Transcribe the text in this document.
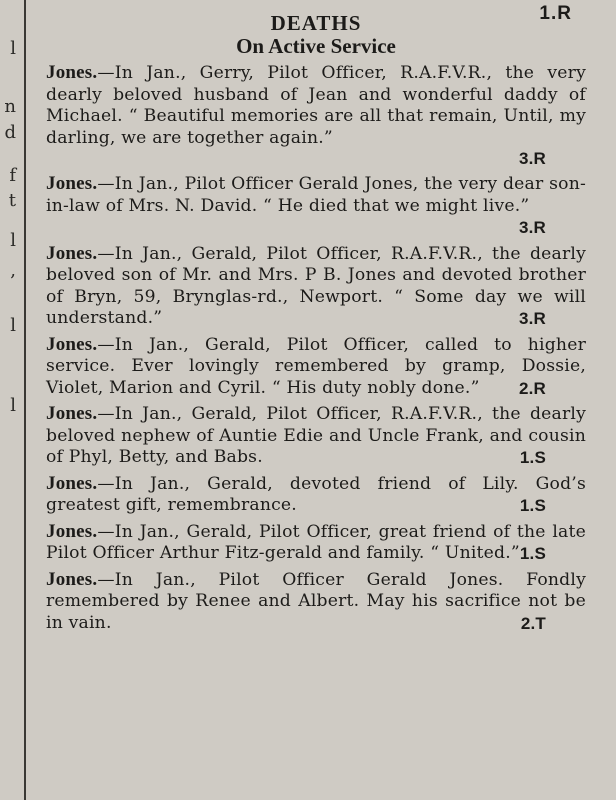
l
n
d
f
t
l
,
l
l
1.R
DEATHS
On Active Service
Jones.—In Jan., Gerry, Pilot Officer, R.A.F.V.R., the very dearly beloved husband of Jean and wonderful daddy of Michael. “ Beautiful memories are all that remain, Until, my darling, we are together again.”
3.R
Jones.—In Jan., Pilot Officer Gerald Jones, the very dear son-in-law of Mrs. N. David. “ He died that we might live.”
3.R
Jones.—In Jan., Gerald, Pilot Officer, R.A.F.V.R., the dearly beloved son of Mr. and Mrs. P B. Jones and devoted brother of Bryn, 59, Brynglas-rd., Newport. “ Some day we will understand.”	3.R
Jones.—In Jan., Gerald, Pilot Officer, called to higher service. Ever lovingly remembered by gramp, Dossie, Violet, Marion and Cyril. “ His duty nobly done.” 2.R
Jones.—In Jan., Gerald, Pilot Officer, R.A.F.V.R., the dearly beloved nephew of Auntie Edie and Uncle Frank, and cousin of Phyl, Betty, and Babs.	1.S
Jones.—In Jan., Gerald, devoted friend of Lily. God’s greatest gift, remembrance.	1.S
Jones.—In Jan., Gerald, Pilot Officer, great friend of the late Pilot Officer Arthur Fitz-gerald and family. “ United.” 1.S
Jones.—In Jan., Pilot Officer Gerald Jones. Fondly remembered by Renee and Albert. May his sacrifice not be in vain.	2.T
